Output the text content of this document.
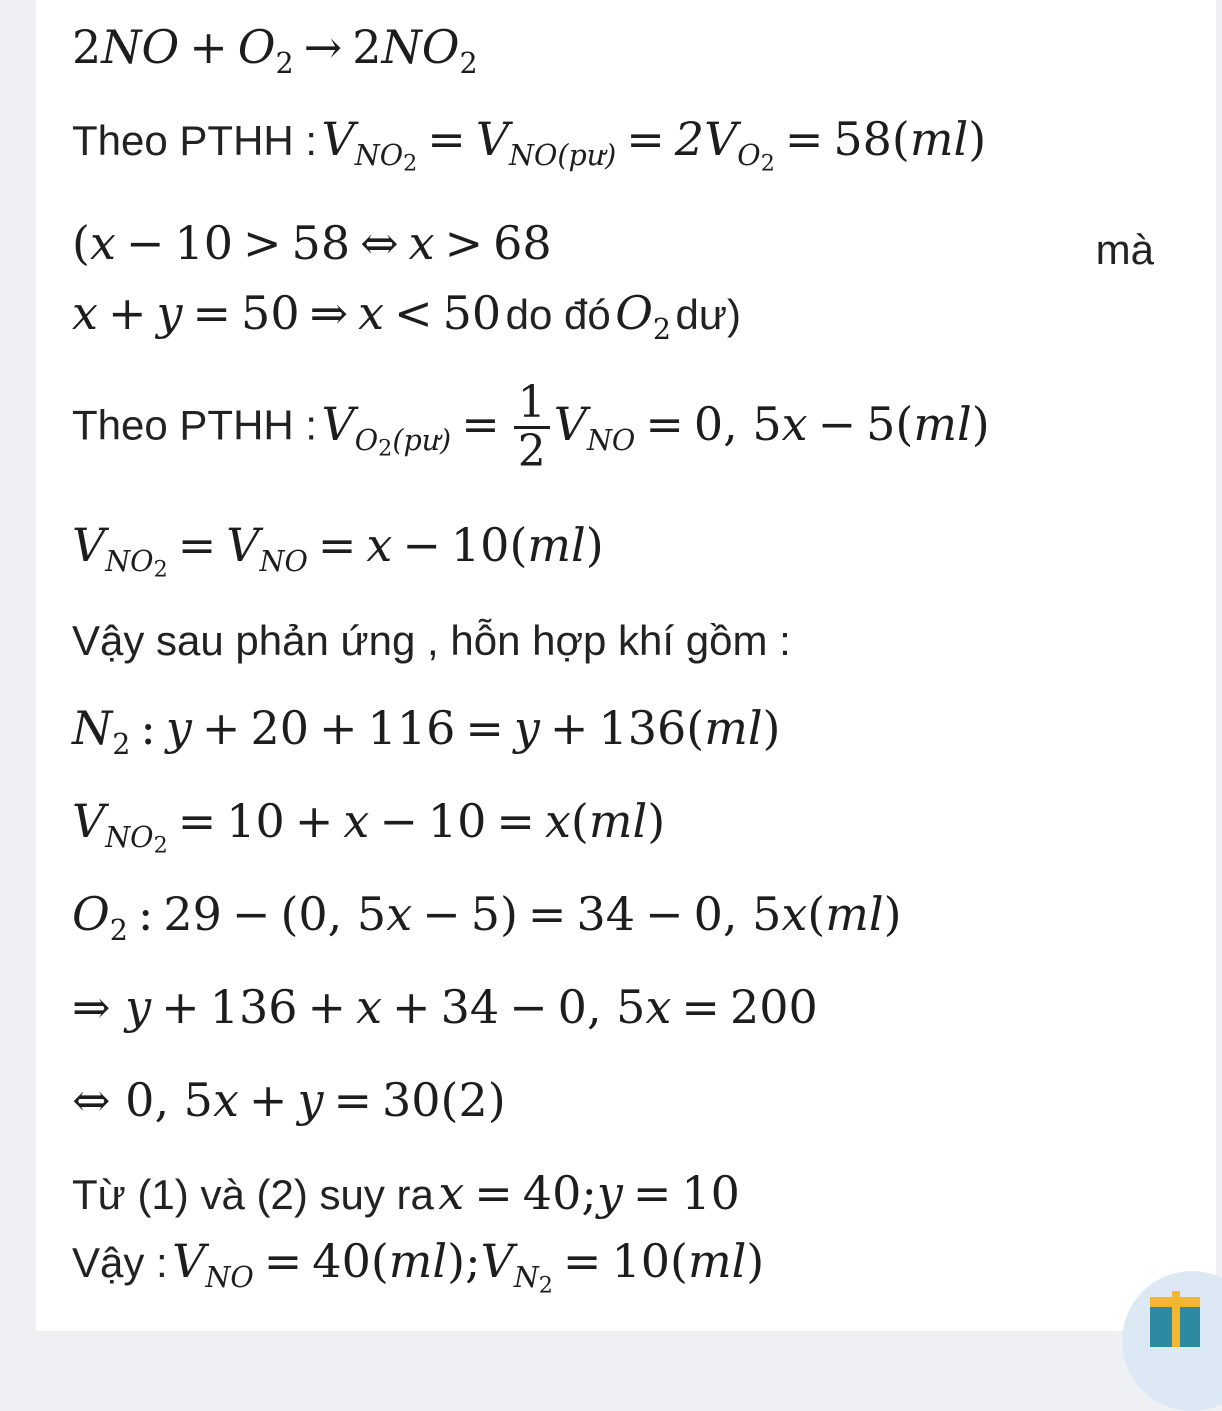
$2NO + O_2 \to 2NO_2$
Theo PTHH : $V_{NO_2} = V_{NO(pư)} = 2V_{O_2} = 58(ml)$
(x − 10 > 58 ⇔ x > 68	mà
x + y = 50 ⇒ x < 50 do đó $O_2$ dư)
Theo PTHH : $V_{O_2(pư)} = \frac{1}{2} V_{NO} = 0$, 5x − 5(ml)
$V_{NO_2} = V_{NO} = x - 10(ml)$
Vậy sau phản ứng , hỗn hợp khí gồm :
$N_2$ : y + 20 + 116 = y + 136(ml)
$V_{NO_2} = 10 + x - 10 = x(ml)$
$O_2$ : 29 − (0, 5x − 5) = 34 − 0, 5x(ml)
⇒ y + 136 + x + 34 − 0, 5x = 200
⇔ 0, 5x + y = 30(2)
Từ (1) và (2) suy ra x = 40;y = 10
Vậy : $V_{NO}$ = $40(ml);V_{N_2} = 10(ml)$
